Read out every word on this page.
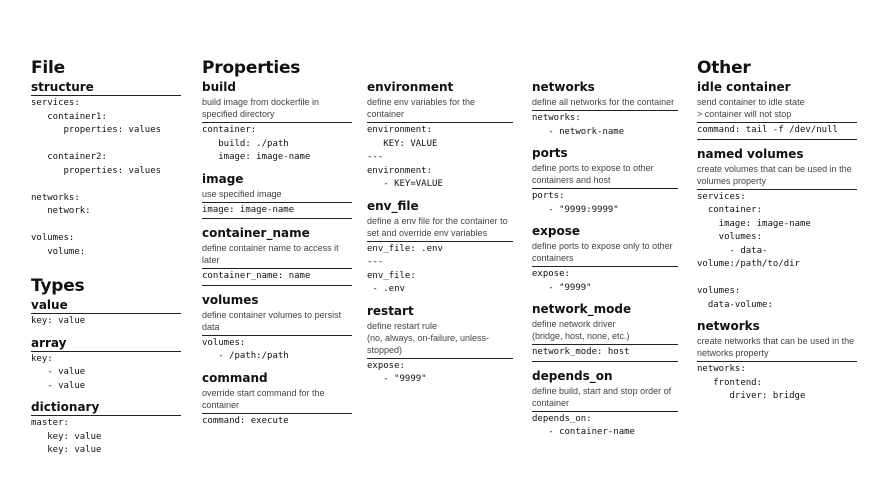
File
structure
services:
container1:
properties: values

container2:
properties: values

networks:
network:

volumes:
volume:
Types
value
key: value
array
key:
- value
- value
dictionary
master:
key: value
key: value
Properties
build
build image from dockerfile in specified directory
container:
build: ./path
image: image-name
image
use specified image
image: image-name
container_name
define container name to access it later
container_name: name
volumes
define container volumes to persist data
volumes:
- /path:/path
command
override start command for the container
command: execute
environment
define env variables for the container
environment:
KEY: VALUE
---
environment:
- KEY=VALUE
env_file
define a env file for the container to set and override env variables
env_file: .env
---
env_file:
- .env
restart
define restart rule
(no, always, on-failure, unless-stopped)
expose:
- "9999"
networks
define all networks for the container
networks:
- network-name
ports
define ports to expose to other containers and host
ports:
- "9999:9999"
expose
define ports to expose only to other containers
expose:
- "9999"
network_mode
define network driver
(bridge, host, none, etc.)
network_mode: host
depends_on
define build, start and stop order of container
depends_on:
- container-name
Other
idle container
send container to idle state
> container will not stop
command: tail -f /dev/null
named volumes
create volumes that can be used in the volumes property
services:
container:
image: image-name
volumes:
- data-
volume:/path/to/dir

volumes:
data-volume:
networks
create networks that can be used in the networks property
networks:
frontend:
driver: bridge
